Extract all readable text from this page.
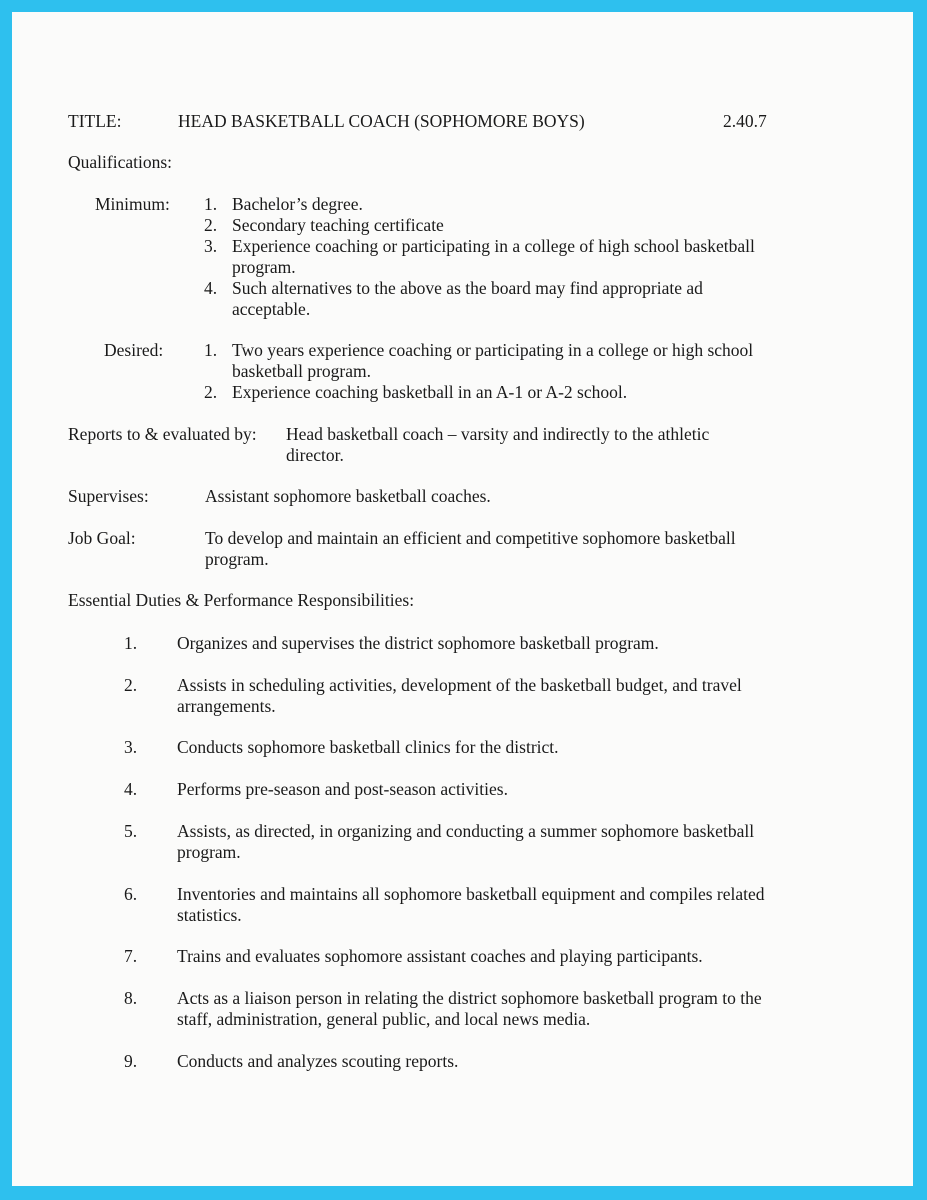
TITLE:	HEAD BASKETBALL COACH (SOPHOMORE BOYS)	2.40.7
Qualifications:
Minimum: 1. Bachelor’s degree.
2. Secondary teaching certificate
3. Experience coaching or participating in a college of high school basketball
program.
4. Such alternatives to the above as the board may find appropriate ad
acceptable.
Desired: 1. Two years experience coaching or participating in a college or high school
basketball program.
2. Experience coaching basketball in an A-1 or A-2 school.
Reports to & evaluated by: Head basketball coach – varsity and indirectly to the athletic
director.
Supervises:	Assistant sophomore basketball coaches.
Job Goal:	To develop and maintain an efficient and competitive sophomore basketball
program.
Essential Duties & Performance Responsibilities:
1. Organizes and supervises the district sophomore basketball program.
2. Assists in scheduling activities, development of the basketball budget, and travel
arrangements.
3. Conducts sophomore basketball clinics for the district.
4. Performs pre-season and post-season activities.
5. Assists, as directed, in organizing and conducting a summer sophomore basketball
program.
6. Inventories and maintains all sophomore basketball equipment and compiles related
statistics.
7. Trains and evaluates sophomore assistant coaches and playing participants.
8. Acts as a liaison person in relating the district sophomore basketball program to the
staff, administration, general public, and local news media.
9. Conducts and analyzes scouting reports.
